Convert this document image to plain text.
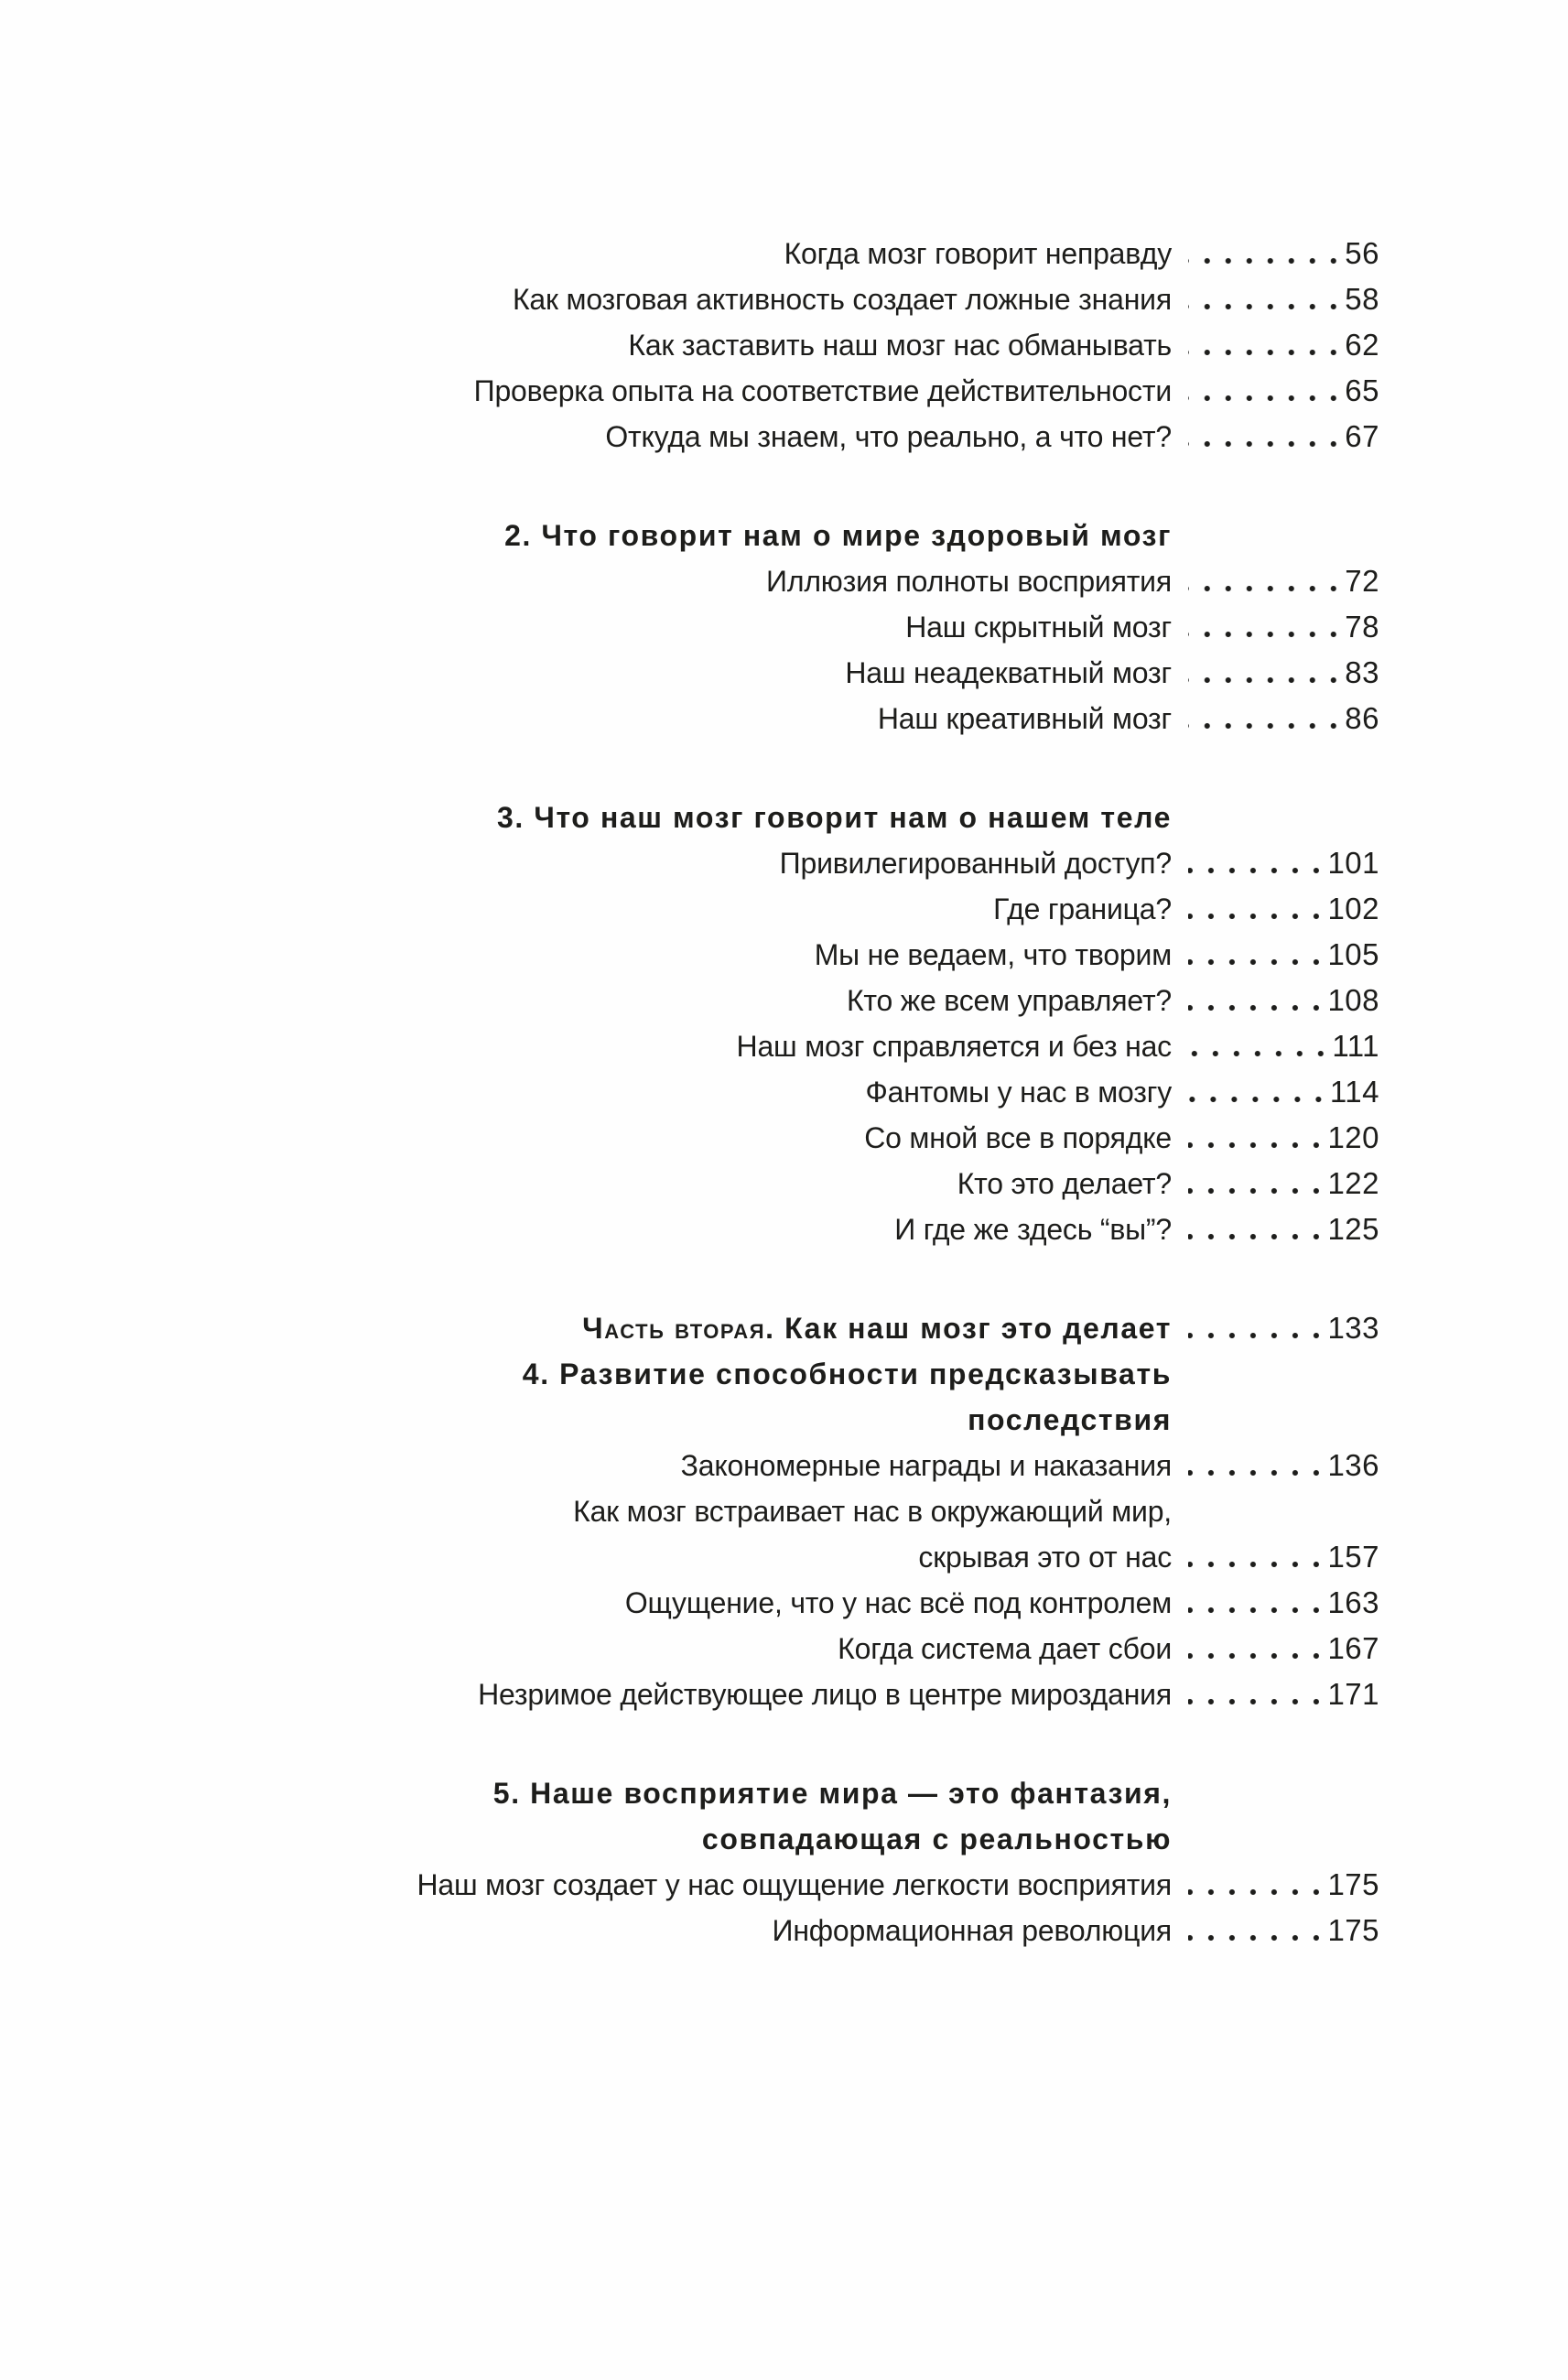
Когда мозг говорит неправду	56
Как мозговая активность создает ложные знания	58
Как заставить наш мозг нас обманывать	62
Проверка опыта на соответствие действительности	65
Откуда мы знаем, что реально, а что нет?	67
2. Что говорит нам о мире здоровый мозг
Иллюзия полноты восприятия	72
Наш скрытный мозг	78
Наш неадекватный мозг	83
Наш креативный мозг	86
3. Что наш мозг говорит нам о нашем теле
Привилегированный доступ?	101
Где граница?	102
Мы не ведаем, что творим	105
Кто же всем управляет?	108
Наш мозг справляется и без нас	111
Фантомы у нас в мозгу	114
Со мной все в порядке	120
Кто это делает?	122
И где же здесь “вы”?	125
Часть вторая. Как наш мозг это делает	133
4. Развитие способности предсказывать
последствия
Закономерные награды и наказания	136
Как мозг встраивает нас в окружающий мир,
скрывая это от нас	157
Ощущение, что у нас всё под контролем	163
Когда система дает сбои	167
Незримое действующее лицо в центре мироздания	171
5. Наше восприятие мира — это фантазия,
совпадающая с реальностью
Наш мозг создает у нас ощущение легкости восприятия	175
Информационная революция	175
